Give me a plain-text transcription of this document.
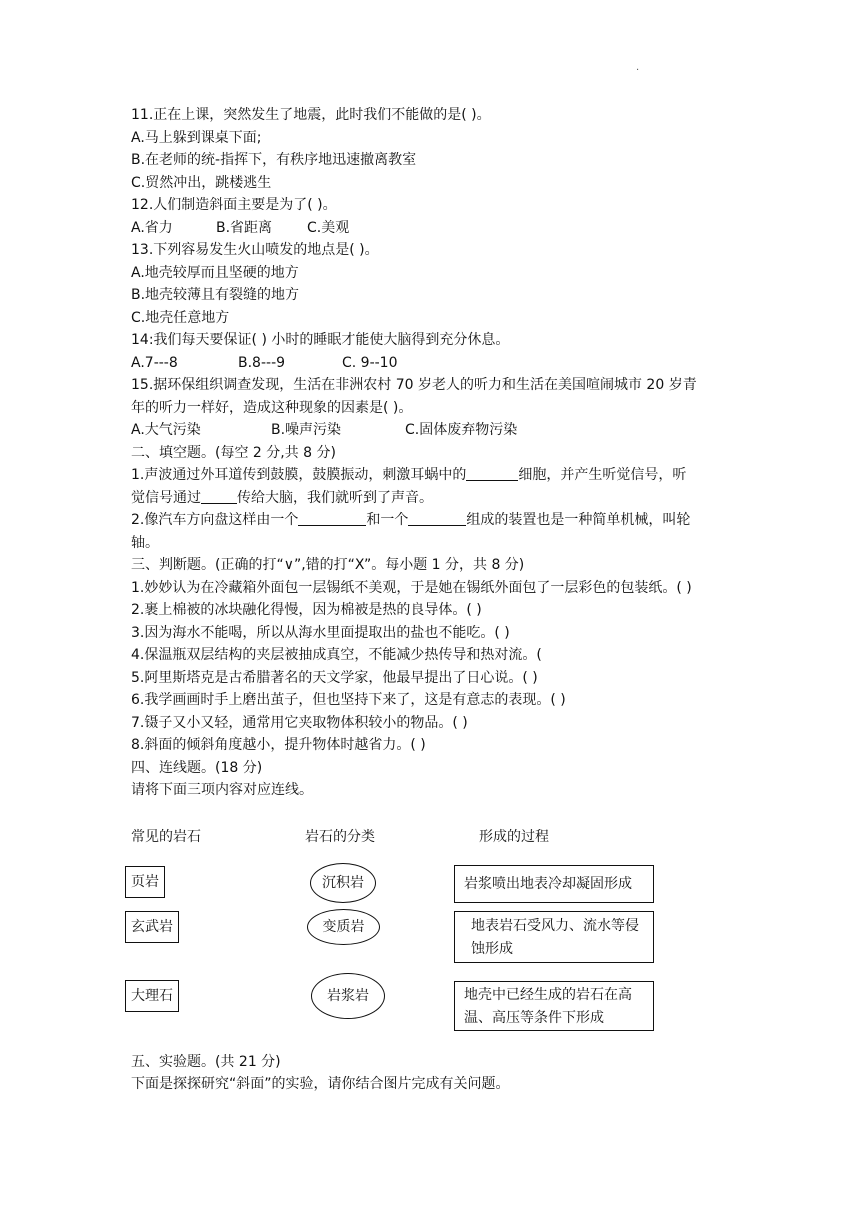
.
11.正在上课，突然发生了地震，此时我们不能做的是( )。
A.马上躲到课桌下面;
B.在老师的统-指挥下，有秩序地迅速撤离教室
C.贸然冲出，跳楼逃生
12.人们制造斜面主要是为了( )。
A.省力	B.省距离 C.美观
13.下列容易发生火山喷发的地点是( )。
A.地壳较厚而且坚硬的地方
B.地壳较薄且有裂缝的地方
C.地壳任意地方
14:我们每天要保证( ) 小时的睡眠才能使大脑得到充分休息。
A.7---8	B.8---9	C. 9--10
15.据环保组织调查发现，生活在非洲农村 70 岁老人的听力和生活在美国喧闹城市 20 岁青
年的听力一样好，造成这种现象的因素是( )。
A.大气污染	B.噪声污染	C.固体废弃物污染
二、填空题。(每空 2 分,共 8 分)
1.声波通过外耳道传到鼓膜，鼓膜振动，刺激耳蜗中的	细胞，并产生听觉信号，听
觉信号通过	传给大脑，我们就听到了声音。
2.像汽车方向盘这样由一个	和一个	组成的装置也是一种简单机械，叫轮
轴。
三、判断题。(正确的打“∨”,错的打“X”。每小题 1 分，共 8 分)
1.妙妙认为在冷藏箱外面包一层锡纸不美观，于是她在锡纸外面包了一层彩色的包装纸。( )
2.裹上棉被的冰块融化得慢，因为棉被是热的良导体。( )
3.因为海水不能喝，所以从海水里面提取出的盐也不能吃。( )
4.保温瓶双层结构的夹层被抽成真空，不能减少热传导和热对流。(
5.阿里斯塔克是古希腊著名的天文学家，他最早提出了日心说。( )
6.我学画画时手上磨出茧子，但也坚持下来了，这是有意志的表现。( )
7.镊子又小又轻，通常用它夹取物体积较小的物品。( )
8.斜面的倾斜角度越小，提升物体时越省力。( )
四、连线题。(18 分)
请将下面三项内容对应连线。
常见的岩石	岩石的分类	形成的过程
页岩
玄武岩
大理石
沉积岩
变质岩
岩浆岩
岩浆喷出地表冷却凝固形成
地表岩石受风力、流水等侵
蚀形成
地壳中已经生成的岩石在高
温、高压等条件下形成
五、实验题。(共 21 分)
下面是探探研究“斜面”的实验，请你结合图片完成有关问题。
